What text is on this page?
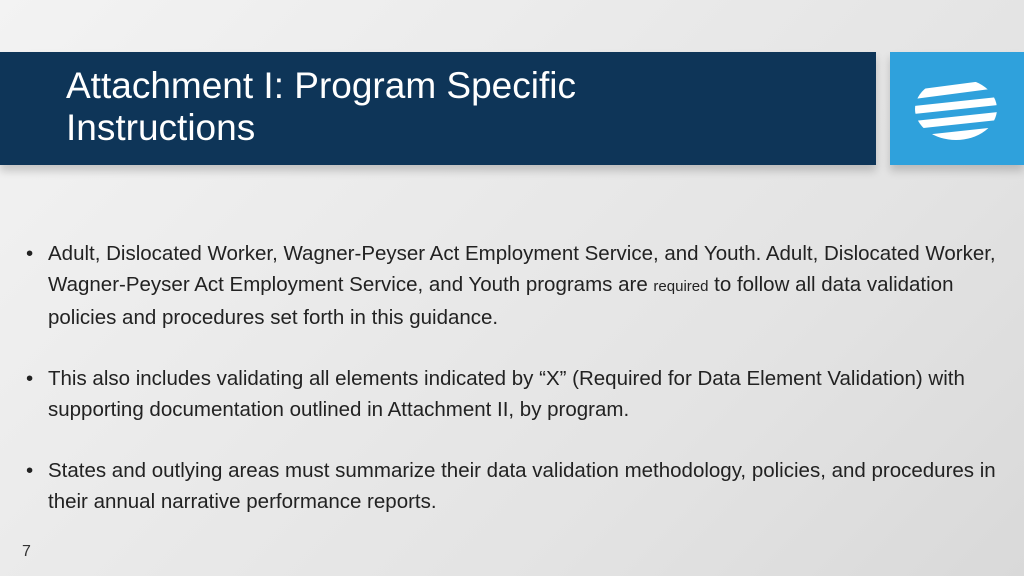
Attachment I: Program Specific
Instructions
• Adult, Dislocated Worker, Wagner-Peyser Act Employment Service, and Youth. Adult, Dislocated Worker, Wagner-Peyser Act Employment Service, and Youth programs are required to follow all data validation policies and procedures set forth in this guidance.
• This also includes validating all elements indicated by “X” (Required for Data Element Validation) with supporting documentation outlined in Attachment II, by program.
• States and outlying areas must summarize their data validation methodology, policies, and procedures in their annual narrative performance reports.
7
